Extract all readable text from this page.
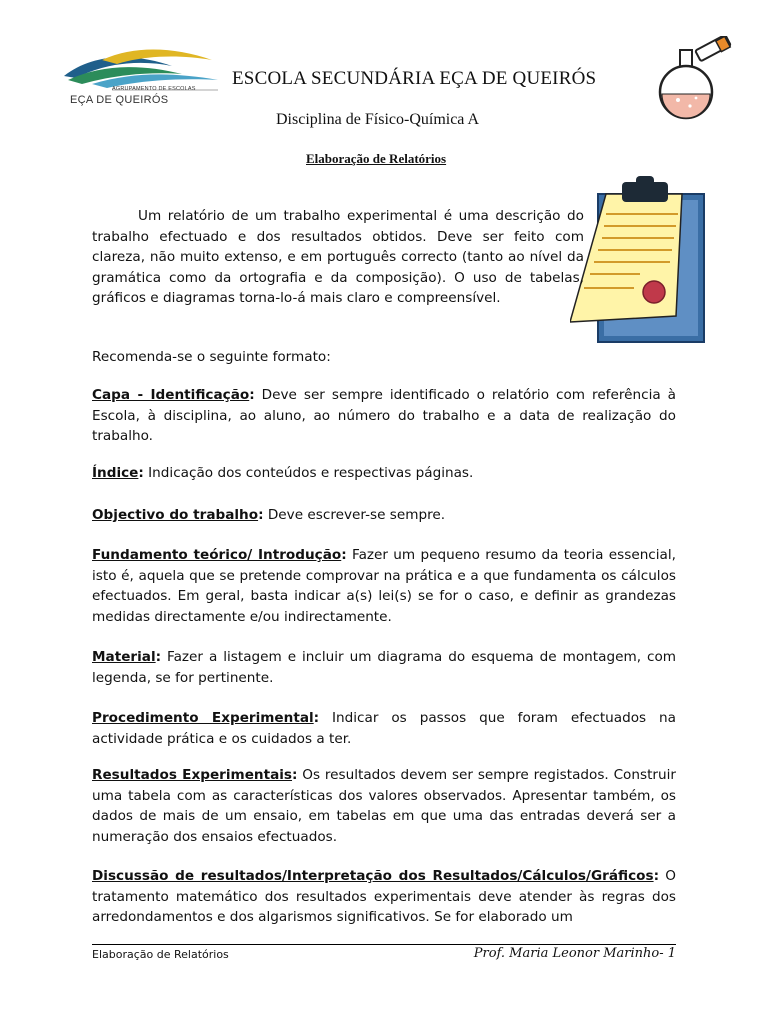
AGRUPAMENTO DE ESCOLAS
EÇA DE QUEIRÓS
ESCOLA SECUNDÁRIA EÇA DE QUEIRÓS
Disciplina de Físico-Química A
Elaboração de Relatórios

Um relatório de um trabalho experimental é uma descrição do trabalho efectuado e dos resultados obtidos. Deve ser feito com clareza, não muito extenso, e em português correcto (tanto ao nível da gramática como da ortografia e da composição). O uso de tabelas, gráficos e diagramas torna-lo-á mais claro e compreensível.

Recomenda-se o seguinte formato:

Capa - Identificação: Deve ser sempre identificado o relatório com referência à Escola, à disciplina, ao aluno, ao número do trabalho e a data de realização do trabalho.

Índice: Indicação dos conteúdos e respectivas páginas.

Objectivo do trabalho: Deve escrever-se sempre.

Fundamento teórico/ Introdução: Fazer um pequeno resumo da teoria essencial, isto é, aquela que se pretende comprovar na prática e a que fundamenta os cálculos efectuados. Em geral, basta indicar a(s) lei(s) se for o caso, e definir as grandezas medidas directamente e/ou indirectamente.

Material: Fazer a listagem e incluir um diagrama do esquema de montagem, com legenda, se for pertinente.

Procedimento Experimental: Indicar os passos que foram efectuados na actividade prática e os cuidados a ter.

Resultados Experimentais: Os resultados devem ser sempre registados. Construir uma tabela com as características dos valores observados. Apresentar também, os dados de mais de um ensaio, em tabelas em que uma das entradas deverá ser a numeração dos ensaios efectuados.

Discussão de resultados/Interpretação dos Resultados/Cálculos/Gráficos: O tratamento matemático dos resultados experimentais deve atender às regras dos arredondamentos e dos algarismos significativos. Se for elaborado um

Elaboração de Relatórios	Prof. Maria Leonor Marinho- 1
